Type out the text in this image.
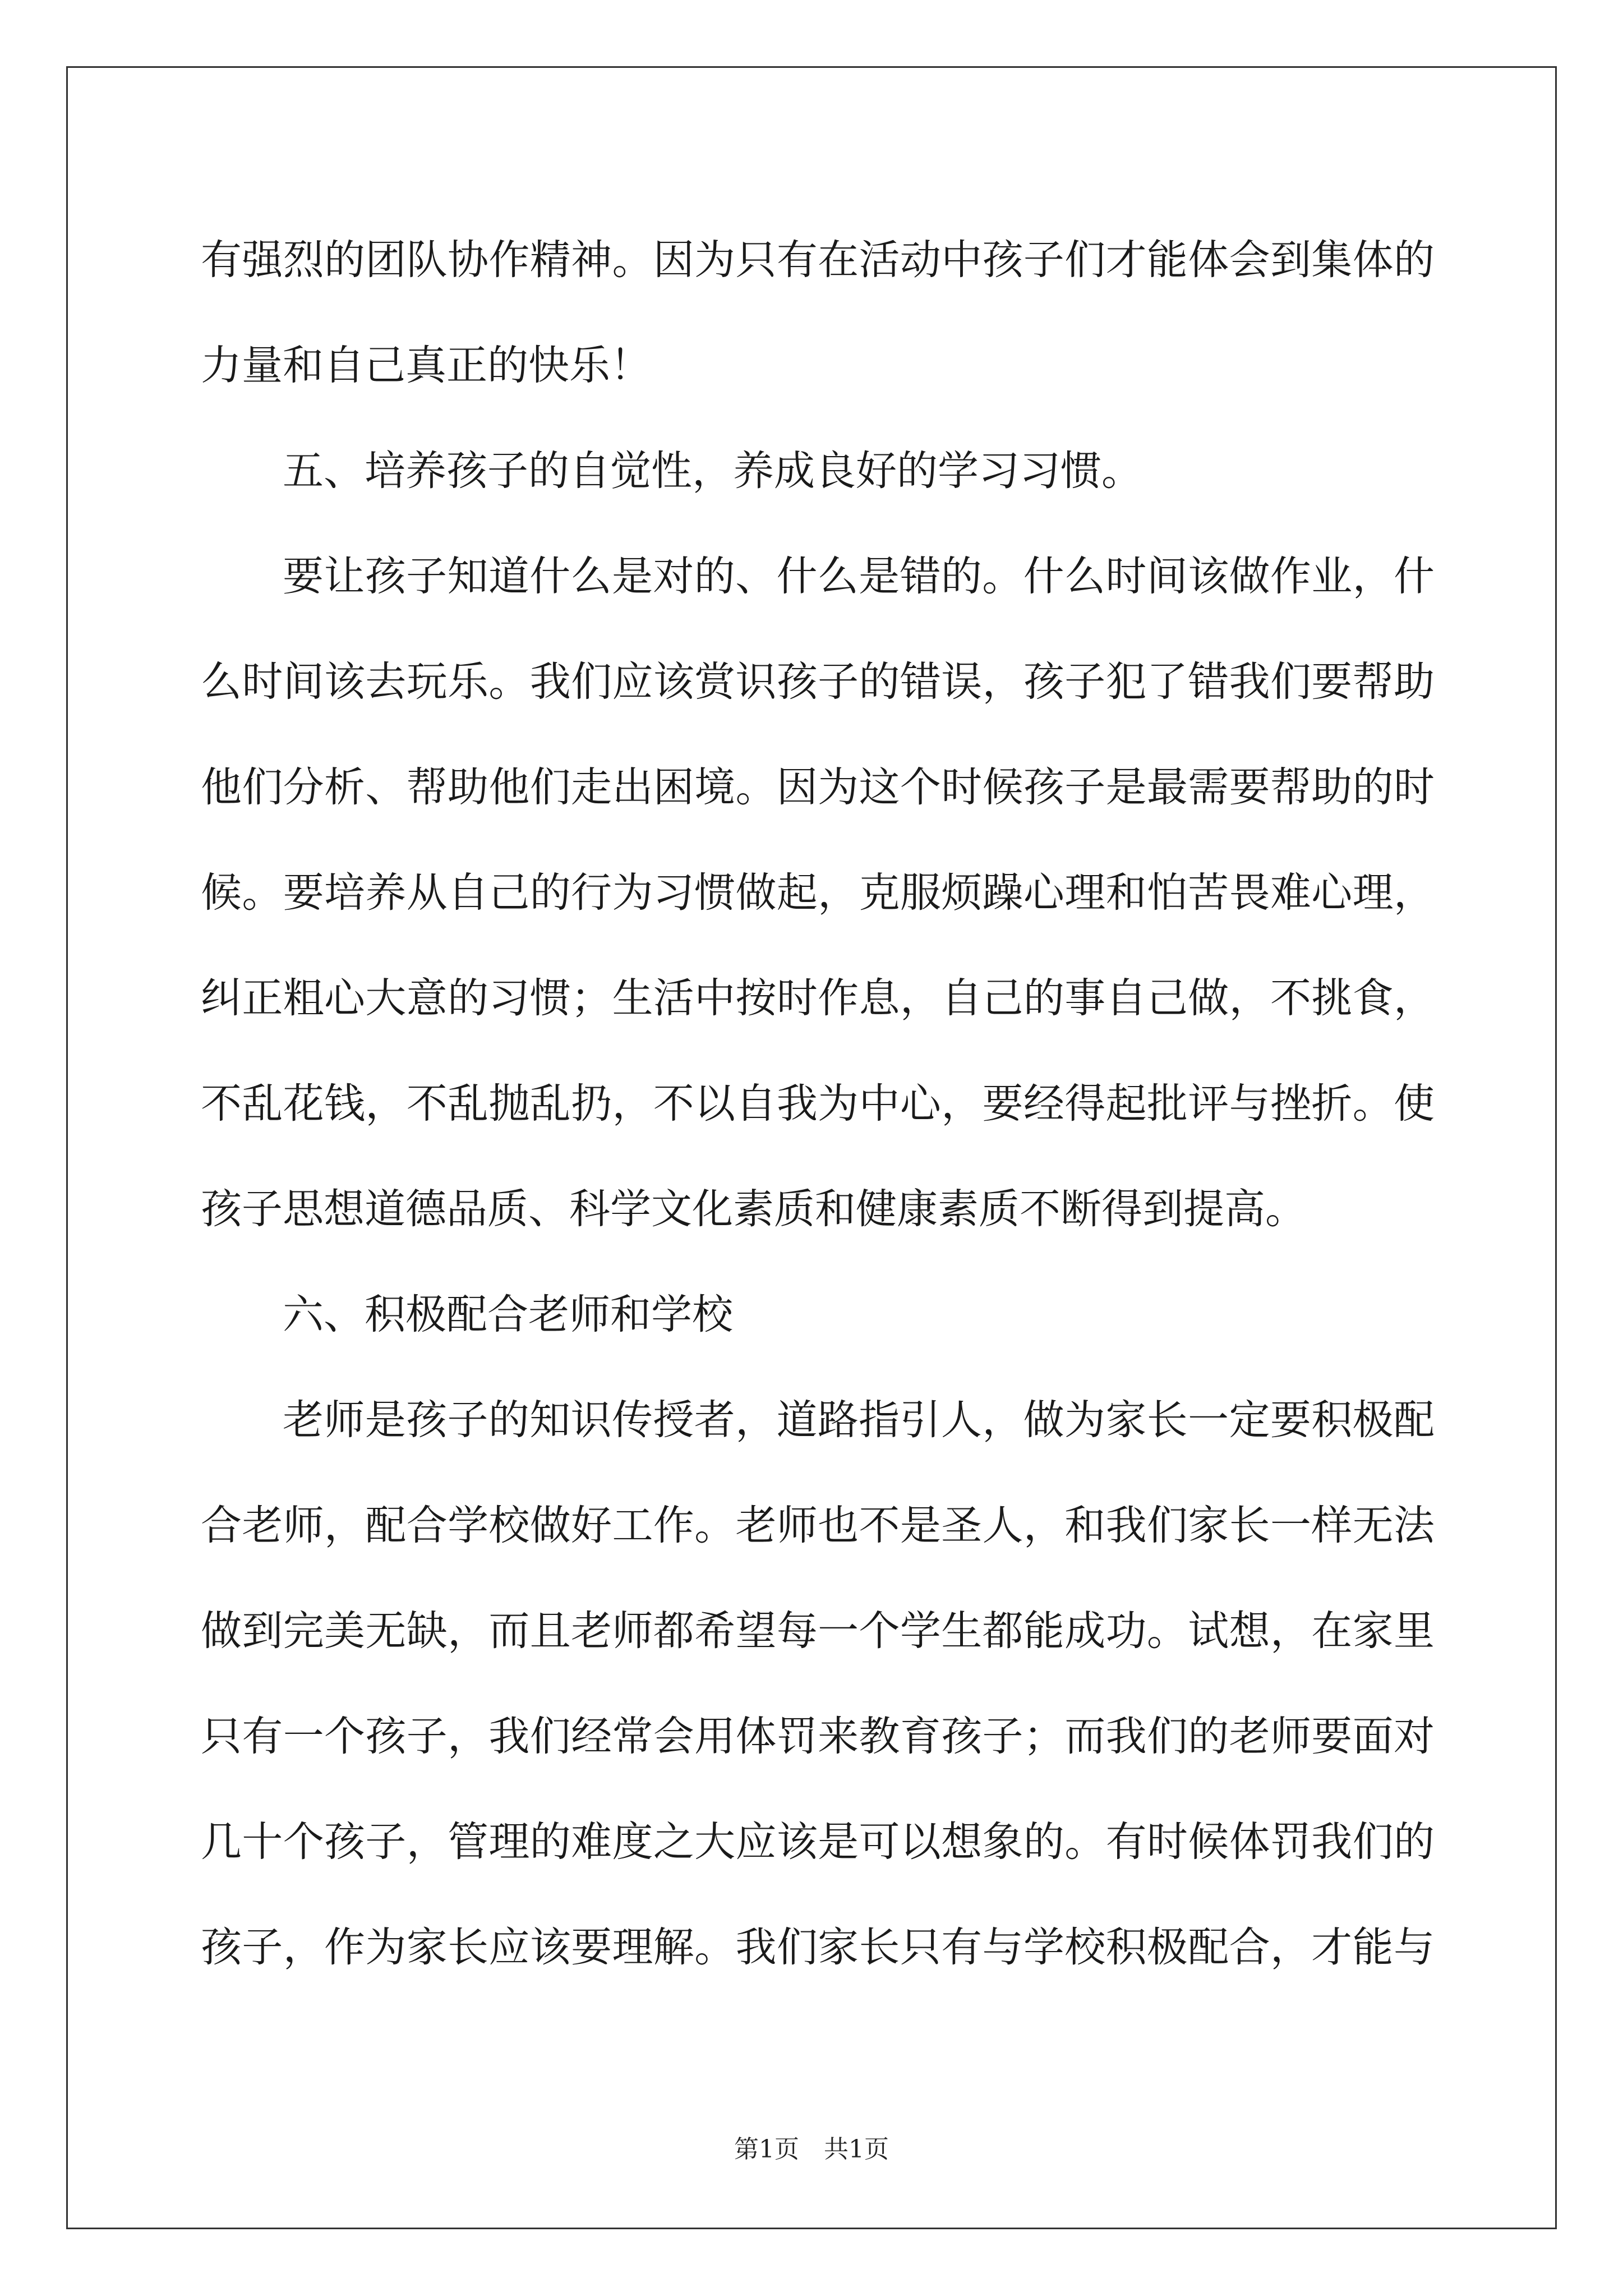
有强烈的团队协作精神。因为只有在活动中孩子们才能体会到集体的
力量和自己真正的快乐！
五、培养孩子的自觉性，养成良好的学习习惯。
要让孩子知道什么是对的、什么是错的。什么时间该做作业，什
么时间该去玩乐。我们应该赏识孩子的错误，孩子犯了错我们要帮助
他们分析、帮助他们走出困境。因为这个时候孩子是最需要帮助的时
候。要培养从自己的行为习惯做起，克服烦躁心理和怕苦畏难心理，
纠正粗心大意的习惯；生活中按时作息，自己的事自己做，不挑食，
不乱花钱，不乱抛乱扔，不以自我为中心，要经得起批评与挫折。使
孩子思想道德品质、科学文化素质和健康素质不断得到提高。
六、积极配合老师和学校
老师是孩子的知识传授者，道路指引人，做为家长一定要积极配
合老师，配合学校做好工作。老师也不是圣人，和我们家长一样无法
做到完美无缺，而且老师都希望每一个学生都能成功。试想，在家里
只有一个孩子，我们经常会用体罚来教育孩子；而我们的老师要面对
几十个孩子，管理的难度之大应该是可以想象的。有时候体罚我们的
孩子，作为家长应该要理解。我们家长只有与学校积极配合，才能与
第1页　共1页
